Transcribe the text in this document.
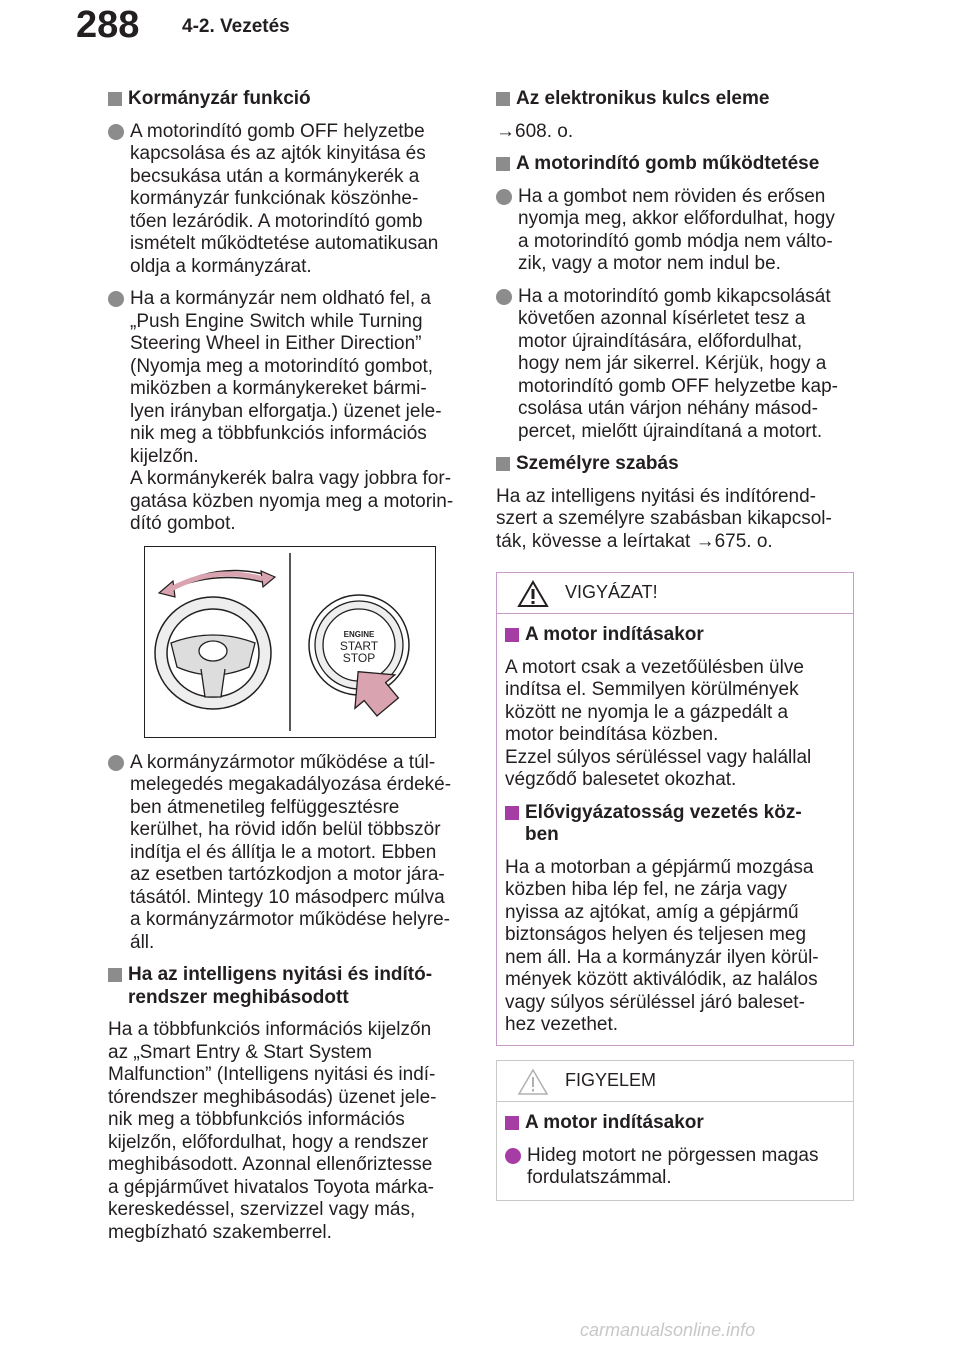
288 4-2. Vezetés
Kormányzár funkció
A motorindító gomb OFF helyzetbe
kapcsolása és az ajtók kinyitása és
becsukása után a kormánykerék a
kormányzár funkciónak köszönhe-
tően lezáródik. A motorindító gomb
ismételt működtetése automatikusan
oldja a kormányzárat.
Ha a kormányzár nem oldható fel, a
„Push Engine Switch while Turning
Steering Wheel in Either Direction”
(Nyomja meg a motorindító gombot,
miközben a kormánykereket bármi-
lyen irányban elforgatja.) üzenet jele-
nik meg a többfunkciós információs
kijelzőn.
A kormánykerék balra vagy jobbra for-
gatása közben nyomja meg a motorin-
dító gombot.
ENGINE
START
STOP
A kormányzármotor működése a túl-
melegedés megakadályozása érdeké-
ben átmenetileg felfüggesztésre
kerülhet, ha rövid időn belül többször
indítja el és állítja le a motort. Ebben
az esetben tartózkodjon a motor jára-
tásától. Mintegy 10 másodperc múlva
a kormányzármotor működése helyre-
áll.
Ha az intelligens nyitási és indító-
rendszer meghibásodott
Ha a többfunkciós információs kijelzőn
az „Smart Entry & Start System
Malfunction” (Intelligens nyitási és indí-
tórendszer meghibásodás) üzenet jele-
nik meg a többfunkciós információs
kijelzőn, előfordulhat, hogy a rendszer
meghibásodott. Azonnal ellenőriztesse
a gépjárművet hivatalos Toyota márka-
kereskedéssel, szervizzel vagy más,
megbízható szakemberrel.
Az elektronikus kulcs eleme
→608. o.
A motorindító gomb működtetése
Ha a gombot nem röviden és erősen
nyomja meg, akkor előfordulhat, hogy
a motorindító gomb módja nem válto-
zik, vagy a motor nem indul be.
Ha a motorindító gomb kikapcsolását
követően azonnal kísérletet tesz a
motor újraindítására, előfordulhat,
hogy nem jár sikerrel. Kérjük, hogy a
motorindító gomb OFF helyzetbe kap-
csolása után várjon néhány másod-
percet, mielőtt újraindítaná a motort.
Személyre szabás
Ha az intelligens nyitási és indítórend-
szert a személyre szabásban kikapcsol-
ták, kövesse a leírtakat →675. o.
VIGYÁZAT!
A motor indításakor
A motort csak a vezetőülésben ülve
indítsa el. Semmilyen körülmények
között ne nyomja le a gázpedált a
motor beindítása közben.
Ezzel súlyos sérüléssel vagy halállal
végződő balesetet okozhat.
Elővigyázatosság vezetés köz-
ben
Ha a motorban a gépjármű mozgása
közben hiba lép fel, ne zárja vagy
nyissa az ajtókat, amíg a gépjármű
biztonságos helyen és teljesen meg
nem áll. Ha a kormányzár ilyen körül-
mények között aktiválódik, az halálos
vagy súlyos sérüléssel járó baleset-
hez vezethet.
FIGYELEM
A motor indításakor
Hideg motort ne pörgessen magas
fordulatszámmal.
carmanualsonline.info
